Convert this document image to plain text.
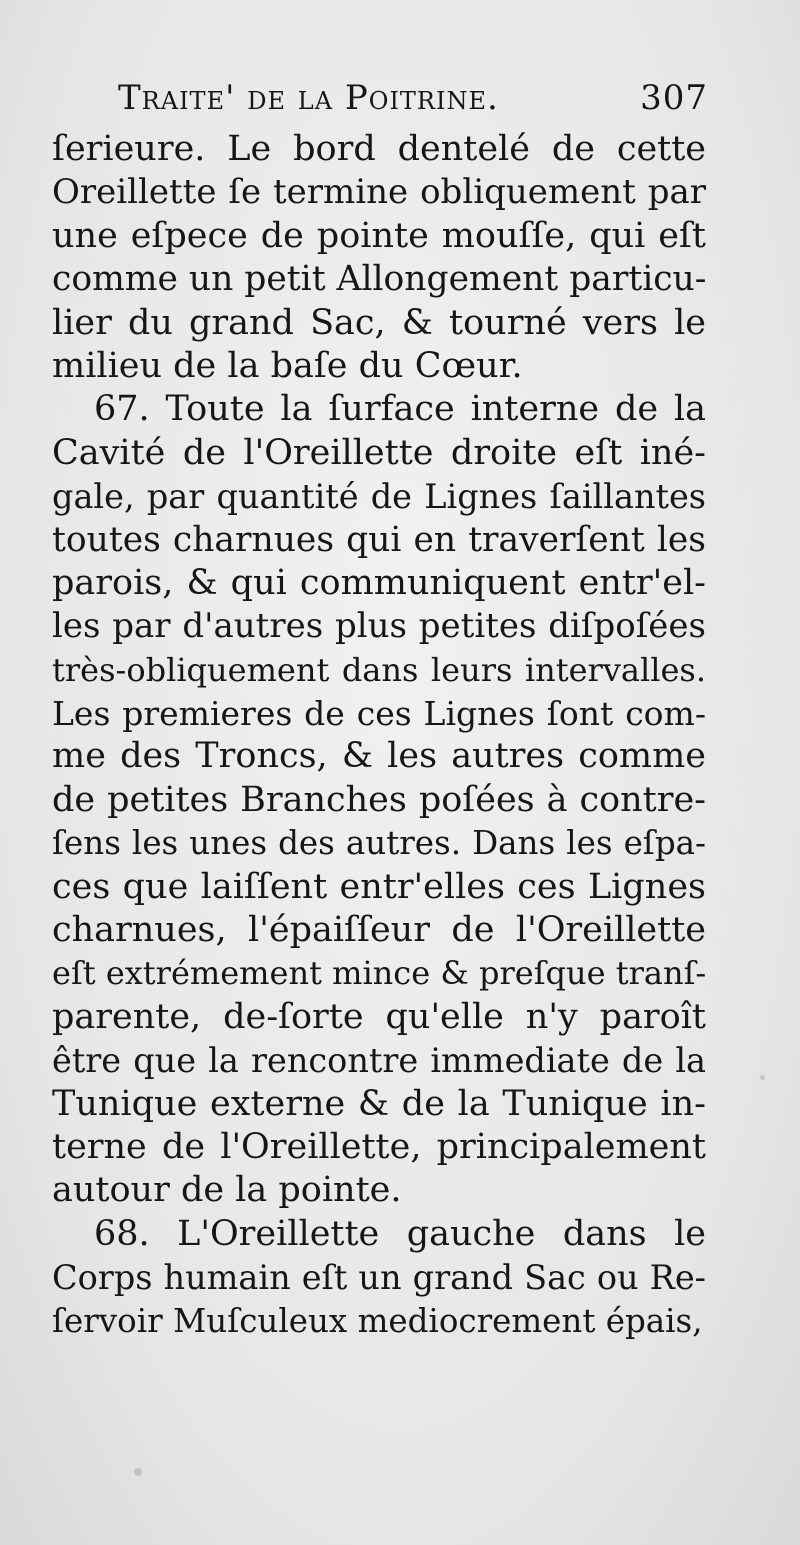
Traite' de la Poitrine.	307
ſerieure. Le bord dentelé de cette
Oreillette ſe termine obliquement par
une eſpece de pointe mouſſe, qui eſt
comme un petit Allongement particu-
lier du grand Sac, & tourné vers le
milieu de la baſe du Cœur.
67. Toute la ſurface interne de la
Cavité de l'Oreillette droite eſt iné-
gale, par quantité de Lignes ſaillantes
toutes charnues qui en traverſent les
parois, & qui communiquent entr'el-
les par d'autres plus petites diſpoſées
très-obliquement dans leurs intervalles.
Les premieres de ces Lignes ſont com-
me des Troncs, & les autres comme
de petites Branches poſées à contre-
ſens les unes des autres. Dans les eſpa-
ces que laiſſent entr'elles ces Lignes
charnues, l'épaiſſeur de l'Oreillette
eſt extrémement mince & preſque tranſ-
parente, de-ſorte qu'elle n'y paroît
être que la rencontre immediate de la
Tunique externe & de la Tunique in-
terne de l'Oreillette, principalement
autour de la pointe.
68. L'Oreillette gauche dans le
Corps humain eſt un grand Sac ou Re-
ſervoir Muſculeux mediocrement épais,
